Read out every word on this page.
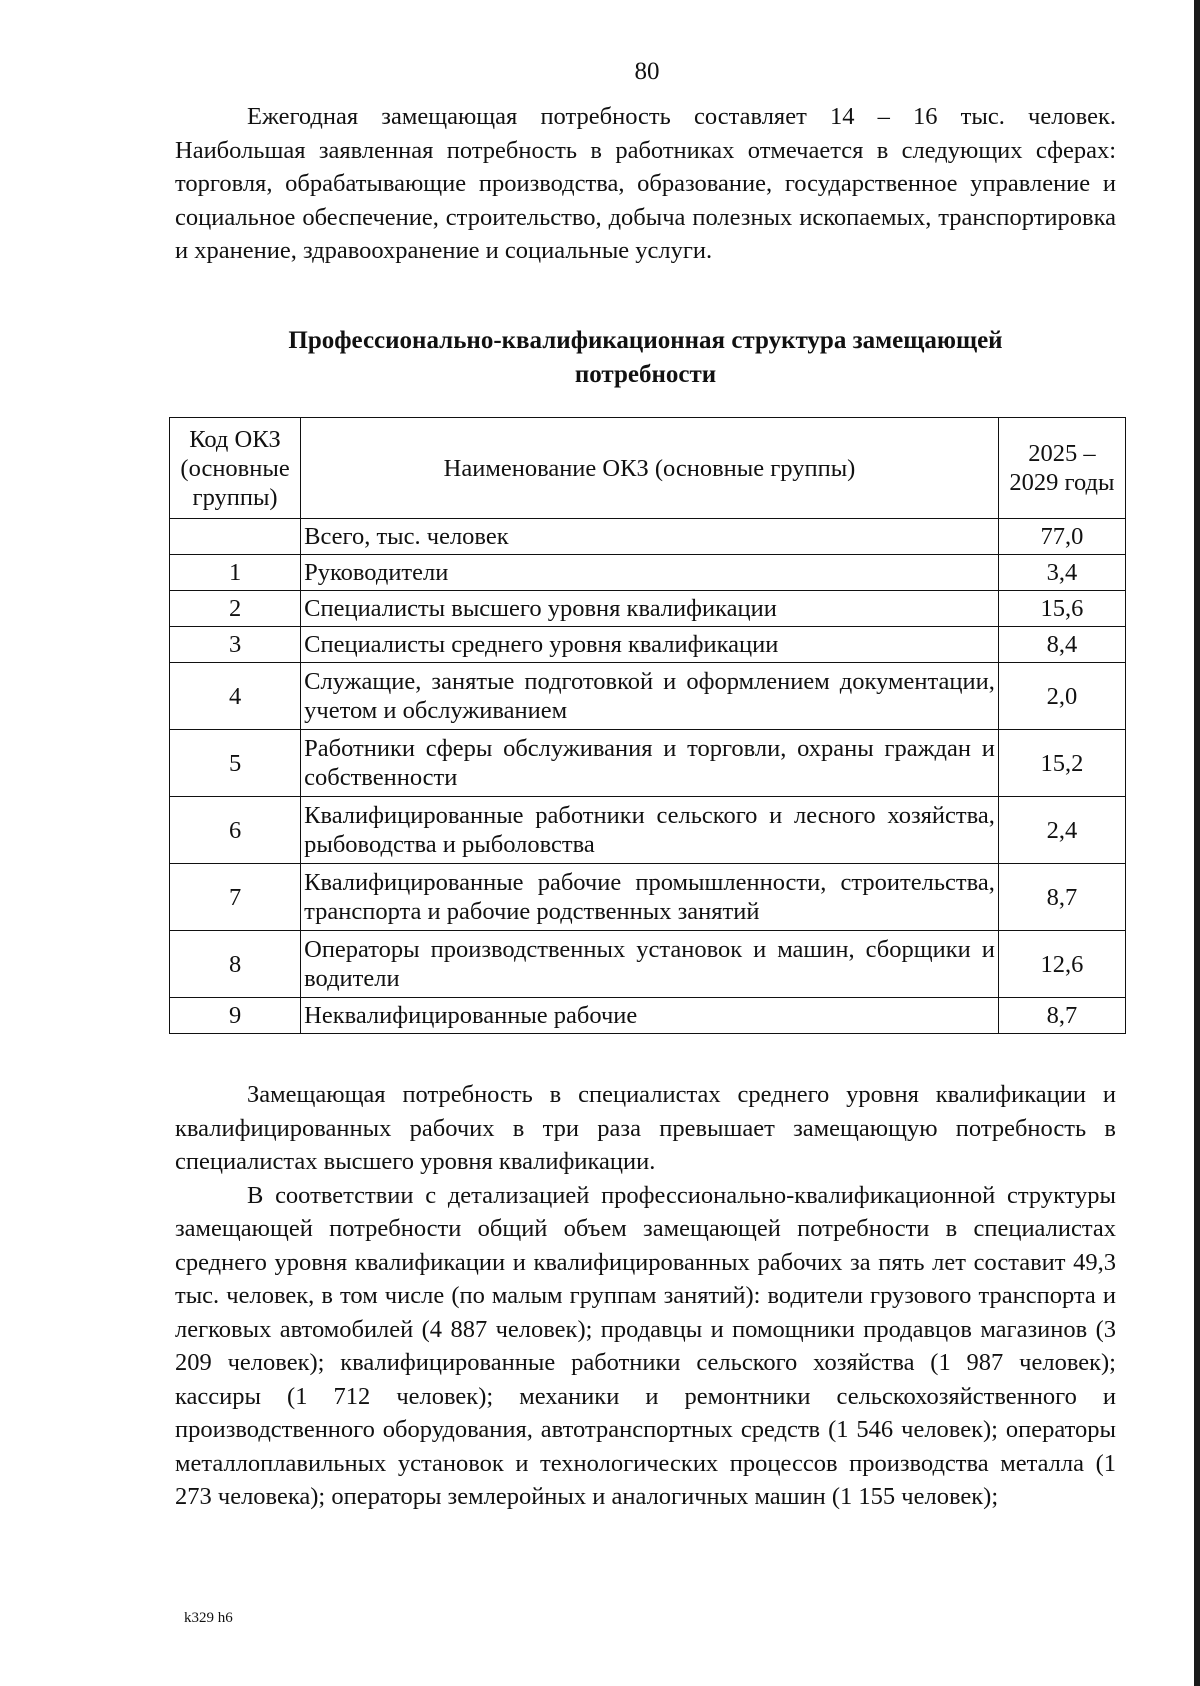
80

Ежегодная замещающая потребность составляет 14 – 16 тыс. человек. Наибольшая заявленная потребность в работниках отмечается в следующих сферах: торговля, обрабатывающие производства, образование, государственное управление и социальное обеспечение, строительство, добыча полезных ископаемых, транспортировка и хранение, здравоохранение и социальные услуги.

Профессионально-квалификационная структура замещающей
потребности
Код ОКЗ (основные группы)	Наименование ОКЗ (основные группы)	2025 – 2029 годы
	Всего, тыс. человек	77,0
1	Руководители	3,4
2	Специалисты высшего уровня квалификации	15,6
3	Специалисты среднего уровня квалификации	8,4
4	Служащие, занятые подготовкой и оформлением документации, учетом и обслуживанием	2,0
5	Работники сферы обслуживания и торговли, охраны граждан и собственности	15,2
6	Квалифицированные работники сельского и лесного хозяйства, рыбоводства и рыболовства	2,4
7	Квалифицированные рабочие промышленности, строительства, транспорта и рабочие родственных занятий	8,7
8	Операторы производственных установок и машин, сборщики и водители	12,6
9	Неквалифицированные рабочие	8,7

Замещающая потребность в специалистах среднего уровня квалификации и квалифицированных рабочих в три раза превышает замещающую потребность в специалистах высшего уровня квалификации.

В соответствии с детализацией профессионально-квалификационной структуры замещающей потребности общий объем замещающей потребности в специалистах среднего уровня квалификации и квалифицированных рабочих за пять лет составит 49,3 тыс. человек, в том числе (по малым группам занятий): водители грузового транспорта и легковых автомобилей (4 887 человек); продавцы и помощники продавцов магазинов (3 209 человек); квалифицированные работники сельского хозяйства (1 987 человек); кассиры (1 712 человек); механики и ремонтники сельскохозяйственного и производственного оборудования, автотранспортных средств (1 546 человек); операторы металлоплавильных установок и технологических процессов производства металла (1 273 человека); операторы землеройных и аналогичных машин (1 155 человек);

k329 h6
